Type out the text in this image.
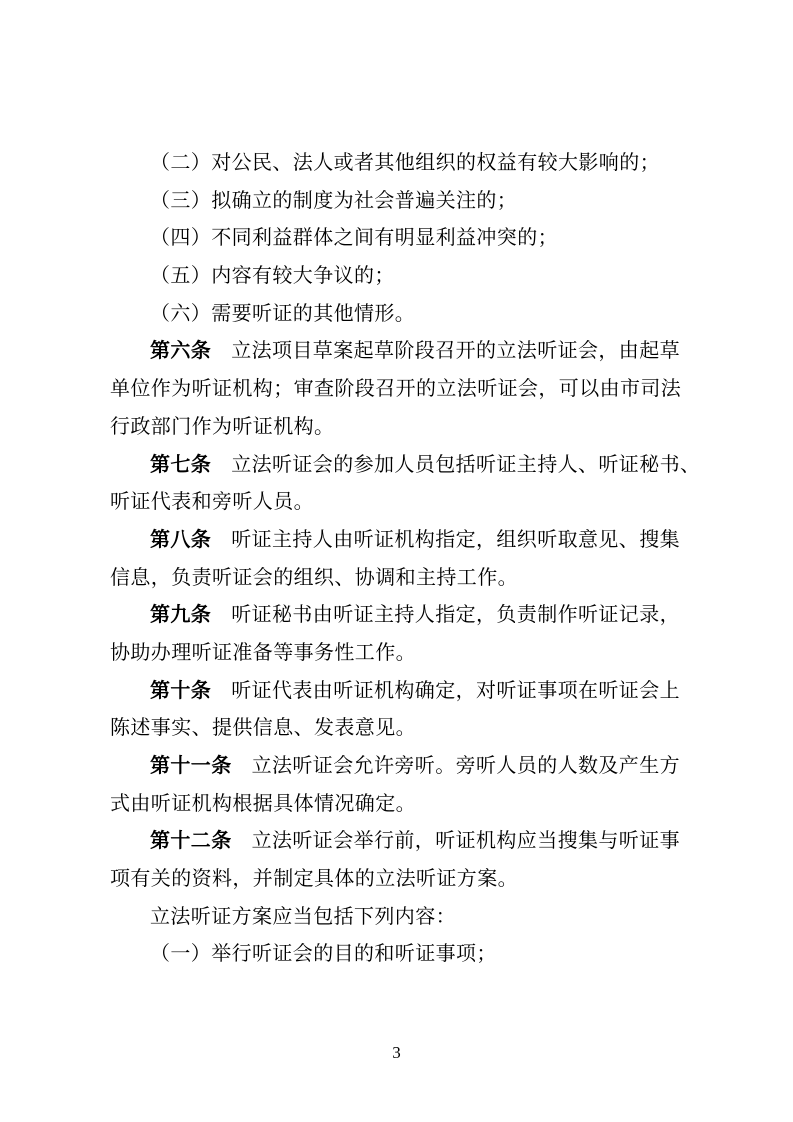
（二）对公民、法人或者其他组织的权益有较大影响的；
（三）拟确立的制度为社会普遍关注的；
（四）不同利益群体之间有明显利益冲突的；
（五）内容有较大争议的；
（六）需要听证的其他情形。
第六条 立法项目草案起草阶段召开的立法听证会，由起草
单位作为听证机构；审查阶段召开的立法听证会，可以由市司法
行政部门作为听证机构。
第七条 立法听证会的参加人员包括听证主持人、听证秘书、
听证代表和旁听人员。
第八条 听证主持人由听证机构指定，组织听取意见、搜集
信息，负责听证会的组织、协调和主持工作。
第九条 听证秘书由听证主持人指定，负责制作听证记录，
协助办理听证准备等事务性工作。
第十条 听证代表由听证机构确定，对听证事项在听证会上
陈述事实、提供信息、发表意见。
第十一条 立法听证会允许旁听。旁听人员的人数及产生方
式由听证机构根据具体情况确定。
第十二条 立法听证会举行前，听证机构应当搜集与听证事
项有关的资料，并制定具体的立法听证方案。
立法听证方案应当包括下列内容：
（一）举行听证会的目的和听证事项；
3
